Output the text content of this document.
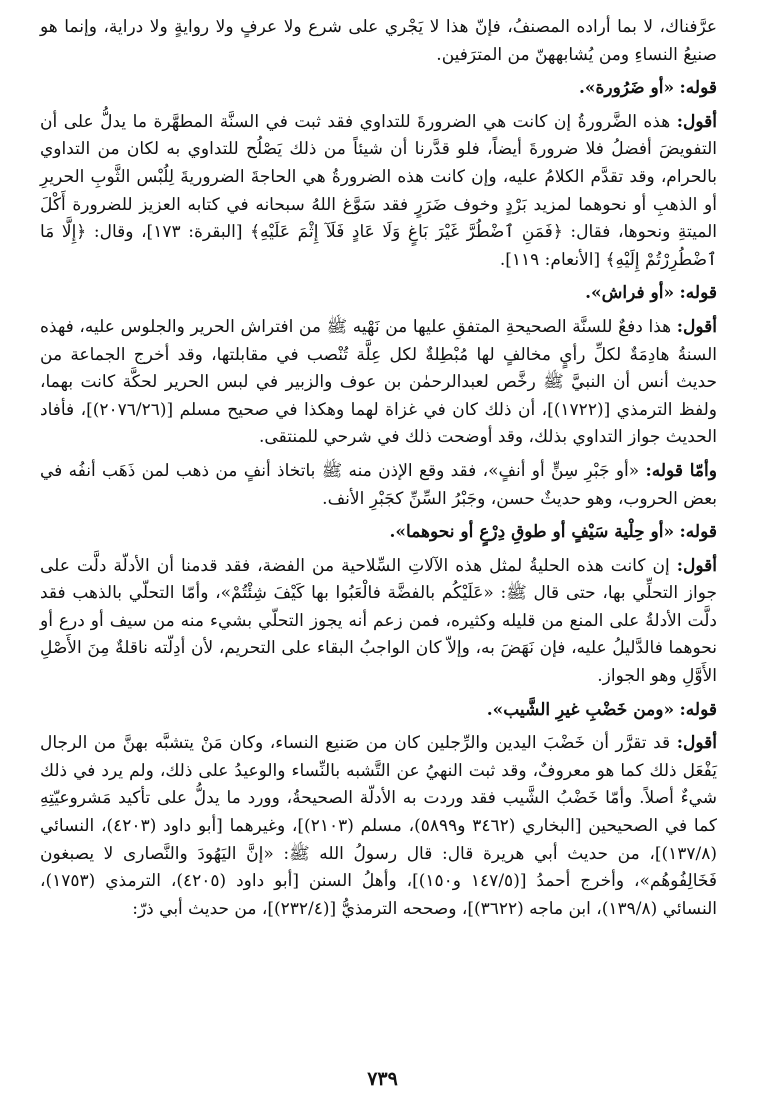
عرَّفناك، لا بما أراده المصنفُ، فإنّ هذا لا يَجْري على شرع ولا عرفٍ ولا روايةٍ ولا دراية، وإنما هو صنيعُ النساءِ ومن يُشابههنّ من المترَفين.

قوله: «أو ضَرُورة».

أقول: هذه الضَّرورةُ إن كانت هي الضرورةَ للتداوي فقد ثبت في السنَّة المطهَّرة ما يدلُّ على أن التفويضَ أفضلُ فلا ضرورةَ أيضاً، فلو قدَّرنا أن شيئاً من ذلك يَصْلُح للتداوي به لكان من التداوي بالحرام، وقد تقدَّم الكلامُ عليه، وإن كانت هذه الضرورةُ هي الحاجةَ الضروريةَ لِلُبْس الثَّوبِ الحريرِ أو الذهبِ أو نحوهما لمزيد بَرْدٍ وخوف ضَرَرٍ فقد سَوَّغ اللهُ سبحانه في كتابه العزيز للضرورة أَكْلَ الميتةِ ونحوها، فقال: ﴿فَمَنِ ٱضْطُرَّ غَيْرَ بَاغٍ وَلَا عَادٍ فَلَآ إِثْمَ عَلَيْهِ﴾ [البقرة: ١٧٣]، وقال: ﴿إِلَّا مَا ٱضْطُرِرْتُمْ إِلَيْهِ﴾ [الأنعام: ١١٩].

قوله: «أو فراش».

أقول: هذا دفعٌ للسنَّة الصحيحةِ المتفقِ عليها من نَهْيه ﷺ من افتراش الحرير والجلوس عليه، فهذه السنةُ هادِمَةٌ لكلِّ رأيٍ مخالفٍ لها مُبْطِلةٌ لكل عِلَّة تُنْصب في مقابلتها، وقد أخرج الجماعة من حديث أنس أن النبيَّ ﷺ رخَّص لعبدالرحمٰن بن عوف والزبير في لبس الحرير لحكَّة كانت بهما، ولفظ الترمذي [(١٧٢٢)]، أن ذلك كان في غزاة لهما وهكذا في صحيح مسلم [(٢٠٧٦/٢٦)]، فأفاد الحديث جواز التداوي بذلك، وقد أوضحت ذلك في شرحي للمنتقى.

وأمّا قوله: «أو جَبْرِ سِنٍّ أو أنفٍ»، فقد وقع الإذن منه ﷺ باتخاذ أنفٍ من ذهب لمن ذَهَب أنفُه في بعض الحروب، وهو حديثٌ حسن، وجَبْرُ السِّنِّ كجَبْرِ الأنف.

قوله: «أو حِلْية سَيْفٍ أو طوقِ دِرْعٍ أو نحوهما».

أقول: إن كانت هذه الحليةُ لمثل هذه الآلاتِ السِّلاحية من الفضة، فقد قدمنا أن الأدلّة دلَّت على جواز التحلِّي بها، حتى قال ﷺ: «عَلَيْكُم بالفضَّة فالْعَبُوا بها كَيْفَ شِئْتُمْ»، وأمّا التحلّي بالذهب فقد دلَّت الأدلةُ على المنع من قليله وكثيره، فمن زعم أنه يجوز التحلّي بشيء منه من سيف أو درع أو نحوهما فالدَّليلُ عليه، فإن نَهَضَ به، وإلاّ كان الواجبُ البقاء على التحريم، لأن أدِلّته ناقلةٌ مِنَ الأَصْلِ الأَوَّلِ وهو الجواز.

قوله: «ومن خَضْبِ غيرِ الشَّيب».

أقول: قد تقرَّر أن خَضْبَ اليدين والرِّجلين كان من صَنيع النساء، وكان مَنْ يتشبَّه بهنَّ من الرجال يَفْعَل ذلك كما هو معروفٌ، وقد ثبت النهيُ عن التَّشبه بالنِّساء والوعيدُ على ذلك، ولم يرد في ذلك شيءٌ أصلاً. وأمّا خَضْبُ الشَّيب فقد وردت به الأدلّة الصحيحةُ، وورد ما يدلُّ على تأكيد مَشروعيّتِهِ كما في الصحيحين [البخاري (٣٤٦٢ و٥٨٩٩)، مسلم (٢١٠٣)]، وغيرهما [أبو داود (٤٢٠٣)، النسائي (١٣٧/٨)]، من حديث أبي هريرة قال: قال رسولُ الله ﷺ: «إنَّ اليَهُودَ والنَّصارى لا يصبغون فَخَالِفُوهُم»، وأخرج أحمدُ [(١٤٧/٥ و١٥٠)]، وأهلُ السنن [أبو داود (٤٢٠٥)، الترمذي (١٧٥٣)، النسائي (١٣٩/٨)، ابن ماجه (٣٦٢٢)]، وصححه الترمذيُّ [(٢٣٢/٤)]، من حديث أبي ذرّ:

٧٣٩
